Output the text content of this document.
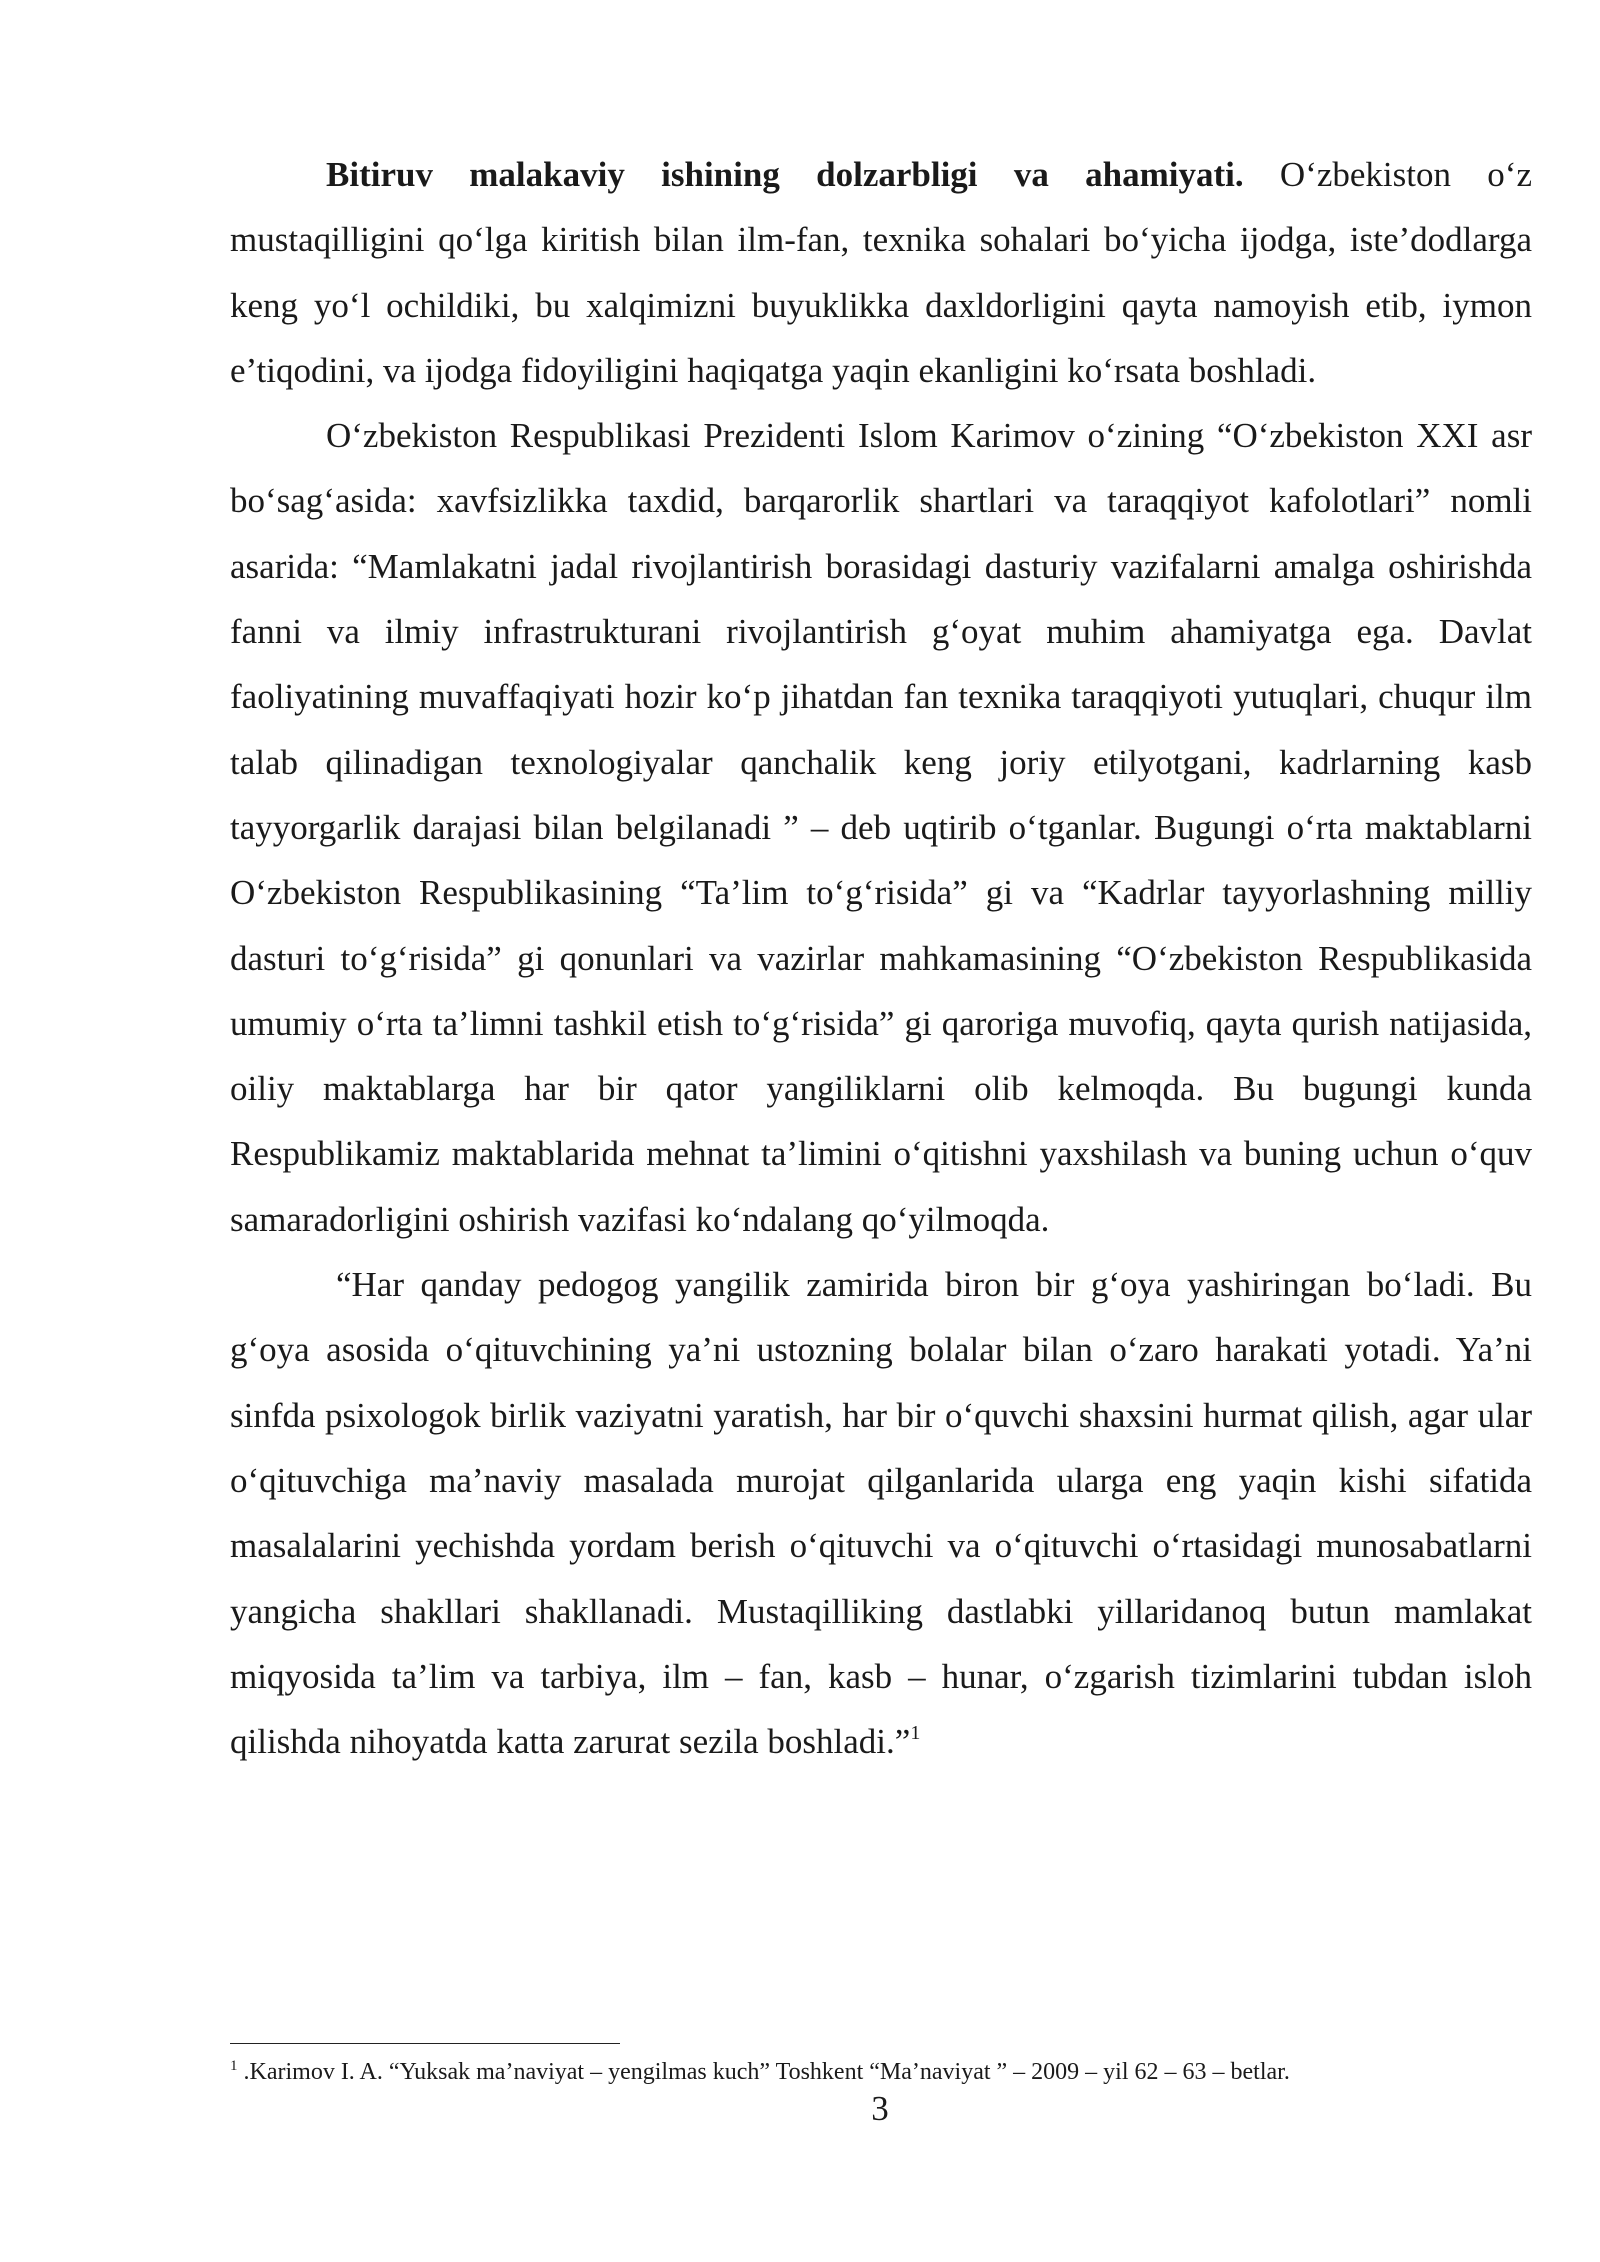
Bitiruv malakaviy ishining dolzarbligi va ahamiyati. O‘zbekiston o‘z mustaqilligini qo‘lga kiritish bilan ilm-fan, texnika sohalari bo‘yicha ijodga, iste’dodlarga keng yo‘l ochildiki, bu xalqimizni buyuklikka daxldorligini qayta namoyish etib, iymon e’tiqodini, va ijodga fidoyiligini haqiqatga yaqin ekanligini ko‘rsata boshladi.

O‘zbekiston Respublikasi Prezidenti Islom Karimov o‘zining “O‘zbekiston XXI asr bo‘sag‘asida: xavfsizlikka taxdid, barqarorlik shartlari va taraqqiyot kafolotlari” nomli asarida: “Mamlakatni jadal rivojlantirish borasidagi dasturiy vazifalarni amalga oshirishda fanni va ilmiy infrastrukturani rivojlantirish g‘oyat muhim ahamiyatga ega. Davlat faoliyatining muvaffaqiyati hozir ko‘p jihatdan fan texnika taraqqiyoti yutuqlari, chuqur ilm talab qilinadigan texnologiyalar qanchalik keng joriy etilyotgani, kadrlarning kasb tayyorgarlik darajasi bilan belgilanadi ” – deb uqtirib o‘tganlar. Bugungi o‘rta maktablarni O‘zbekiston Respublikasining “Ta’lim to‘g‘risida” gi va “Kadrlar tayyorlashning milliy dasturi to‘g‘risida” gi qonunlari va vazirlar mahkamasining “O‘zbekiston Respublikasida umumiy o‘rta ta’limni tashkil etish to‘g‘risida” gi qaroriga muvofiq, qayta qurish natijasida, oiliy maktablarga har bir qator yangiliklarni olib kelmoqda. Bu bugungi kunda Respublikamiz maktablarida mehnat ta’limini o‘qitishni yaxshilash va buning uchun o‘quv samaradorligini oshirish vazifasi ko‘ndalang qo‘yilmoqda.

“Har qanday pedogog yangilik zamirida biron bir g‘oya yashiringan bo‘ladi. Bu g‘oya asosida o‘qituvchining ya’ni ustozning bolalar bilan o‘zaro harakati yotadi. Ya’ni sinfda psixologok birlik vaziyatni yaratish, har bir o‘quvchi shaxsini hurmat qilish, agar ular o‘qituvchiga ma’naviy masalada murojat qilganlarida ularga eng yaqin kishi sifatida masalalarini yechishda yordam berish o‘qituvchi va o‘qituvchi o‘rtasidagi munosabatlarni yangicha shakllari shakllanadi. Mustaqilliking dastlabki yillaridanoq butun mamlakat miqyosida ta’lim va tarbiya, ilm – fan, kasb – hunar, o‘zgarish tizimlarini tubdan isloh qilishda nihoyatda katta zarurat sezila boshladi.”$^1$

$^1$ .Karimov I. A. “Yuksak ma’naviyat – yengilmas kuch” Toshkent “Ma’naviyat ” – 2009 – yil 62 – 63 – betlar.

3
